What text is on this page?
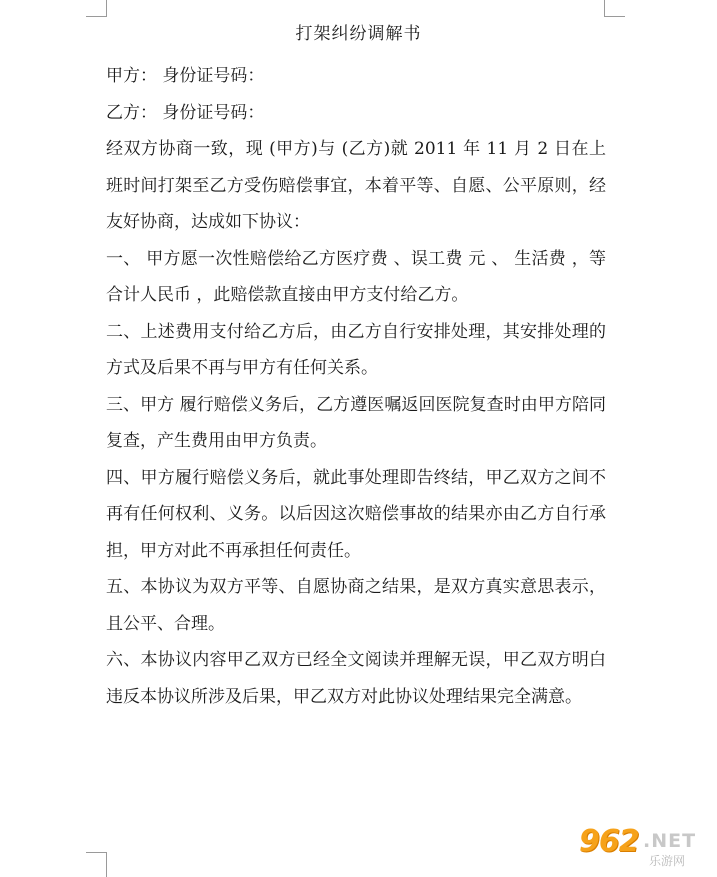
打架纠纷调解书

甲方： 身份证号码：

乙方： 身份证号码：

经双方协商一致，现 (甲方)与 (乙方)就 2011 年 11 月 2 日在上班时间打架至乙方受伤赔偿事宜，本着平等、自愿、公平原则，经友好协商，达成如下协议：

一、 甲方愿一次性赔偿给乙方医疗费 、误工费 元 、 生活费 ，等合计人民币 ，此赔偿款直接由甲方支付给乙方。

二、上述费用支付给乙方后，由乙方自行安排处理，其安排处理的方式及后果不再与甲方有任何关系。

三、甲方 履行赔偿义务后，乙方遵医嘱返回医院复查时由甲方陪同复查，产生费用由甲方负责。

四、甲方履行赔偿义务后，就此事处理即告终结，甲乙双方之间不再有任何权利、义务。以后因这次赔偿事故的结果亦由乙方自行承担，甲方对此不再承担任何责任。

五、本协议为双方平等、自愿协商之结果，是双方真实意思表示，且公平、合理。

六、本协议内容甲乙双方已经全文阅读并理解无误，甲乙双方明白违反本协议所涉及后果，甲乙双方对此协议处理结果完全满意。

962 .NET
乐游网
